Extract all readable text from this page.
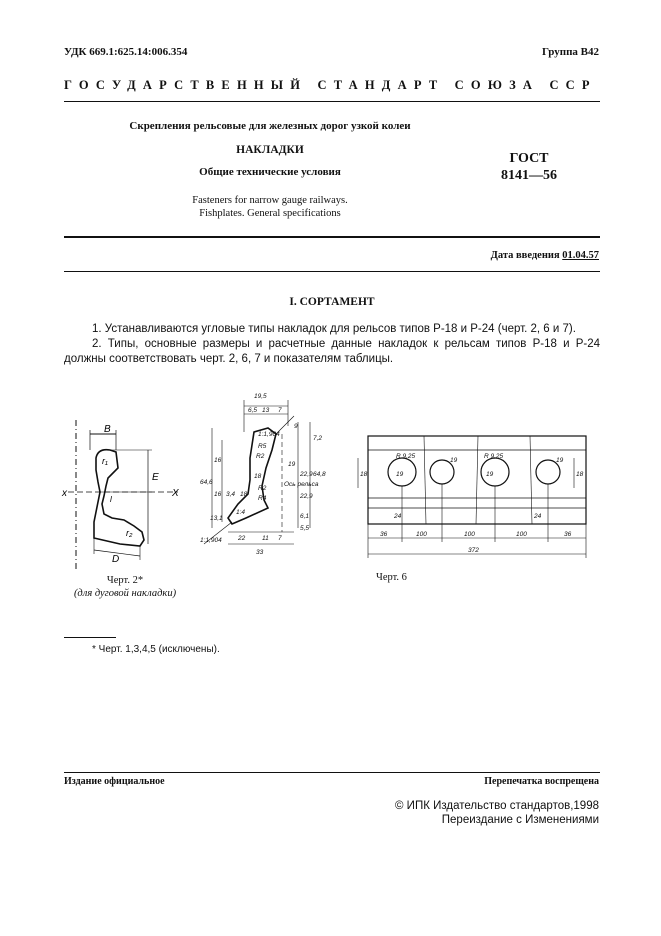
УДК 669.1:625.14:006.354	Группа В42
ГОСУДАРСТВЕННЫЙ СТАНДАРТ СОЮЗА ССР
Скрепления рельсовые для железных дорог узкой колеи
НАКЛАДКИ
Общие технические условия
Fasteners for narrow gauge railways.
Fishplates. General specifications
ГОСТ
8141—56
Дата введения 01.04.57
I. СОРТАМЕНТ
1. Устанавливаются угловые типы накладок для рельсов типов Р-18 и Р-24 (черт. 2, 6 и 7).
2. Типы, основные размеры и расчетные данные накладок к рельсам типов Р-18 и Р-24 должны соответствовать черт. 2, 6, 7 и показателям таблицы.
B
r₁
E
x	X
l
r₂
D
19,5
6,5 13 7
9
1:1,904
R5
R2
18
R2
R4
18
Ось рельса
3,4
1:4
5,5
7,2
22,9 64,8
19
22,9
6,1
64,6
16
16
13,1
1:1,904	22	11 7
33
R 9,25
19
19
R 9,25
19
19
18	18
24	24
36	100	100	100	36
372
Черт. 2*
(для дуговой накладки)
Черт. 6
* Черт. 1,3,4,5 (исключены).
Издание официальное	Перепечатка воспрещена
© ИПК Издательство стандартов,1998
Переиздание с Изменениями
